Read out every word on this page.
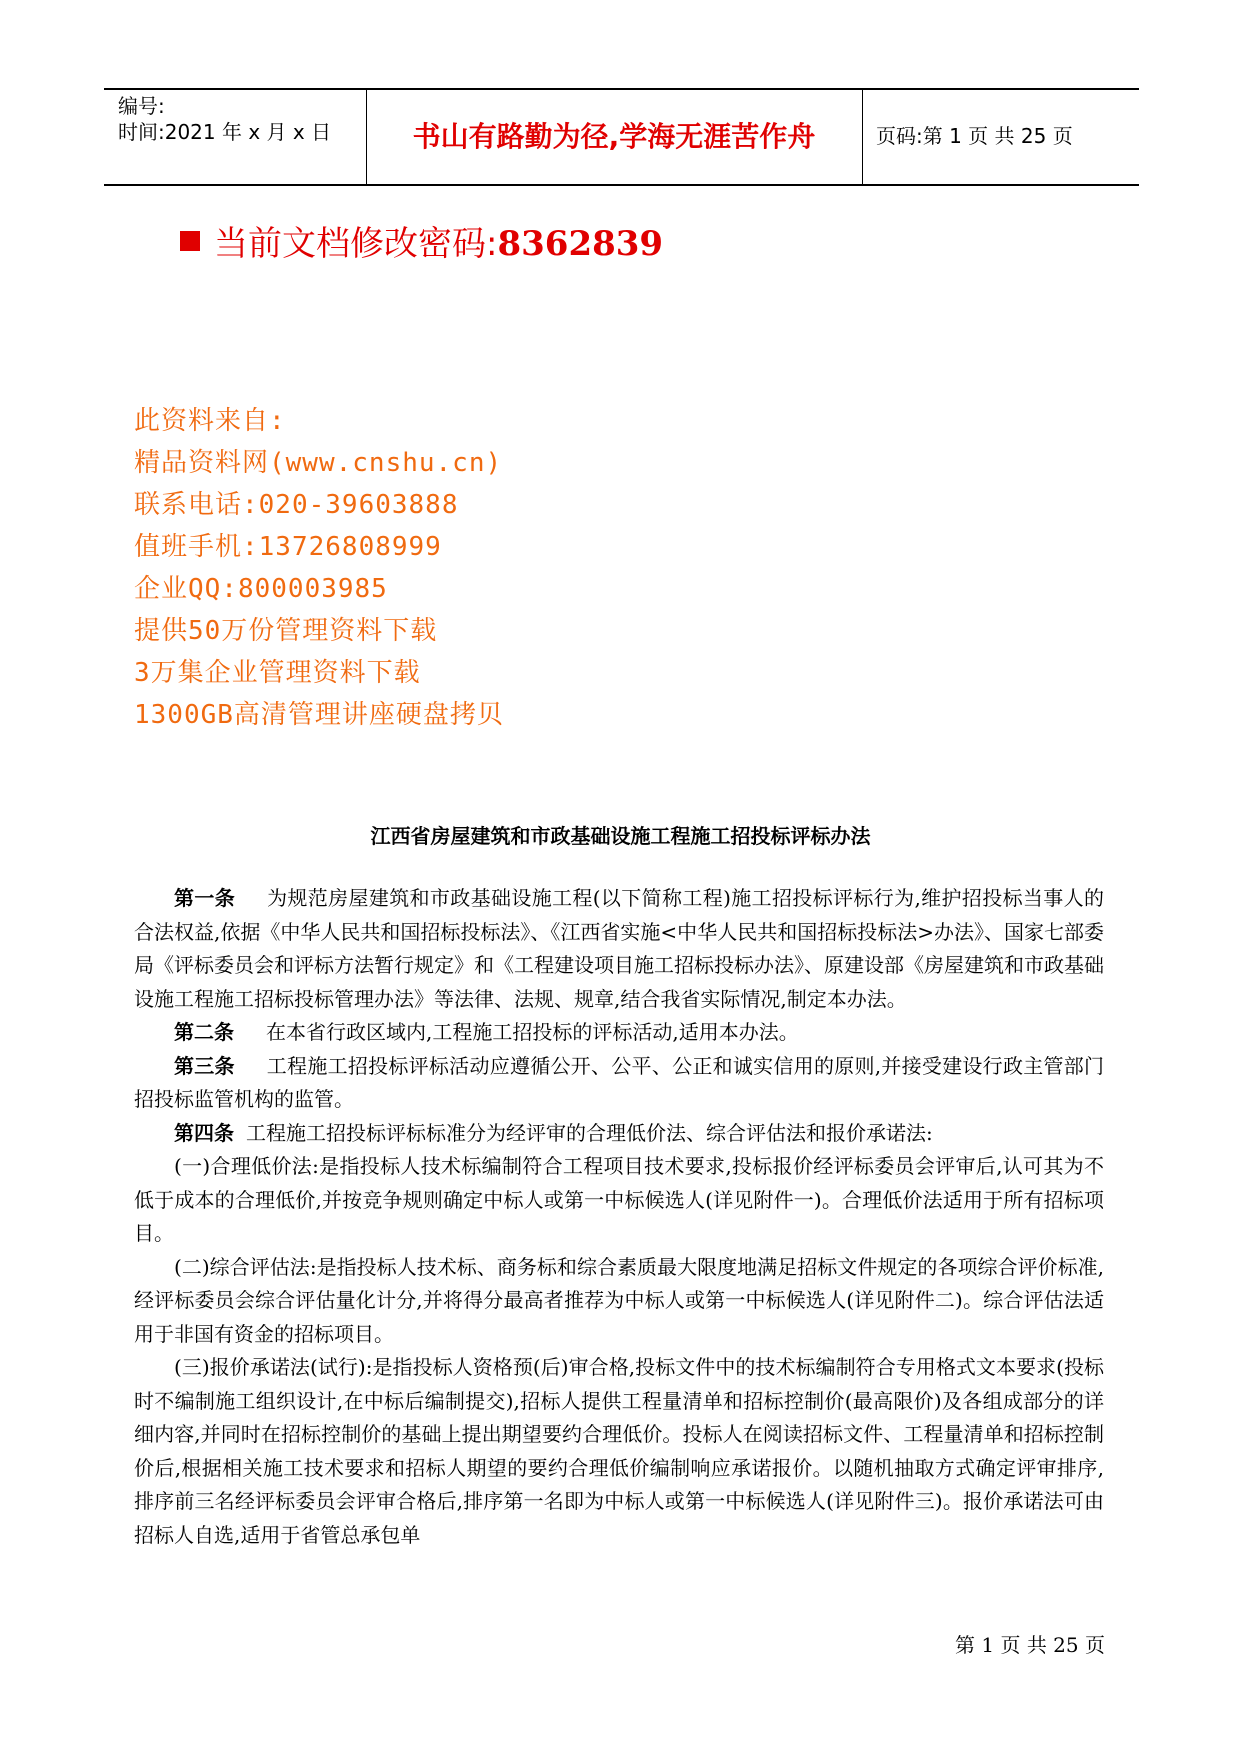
编号:
时间:2021 年 x 月 x 日	书山有路勤为径,学海无涯苦作舟	页码:第 1 页 共 25 页
当前文档修改密码:8362839
此资料来自:
精品资料网(www.cnshu.cn)
联系电话:020-39603888
值班手机:13726808999
企业QQ:800003985
提供50万份管理资料下载
3万集企业管理资料下载
1300GB高清管理讲座硬盘拷贝
江西省房屋建筑和市政基础设施工程施工招投标评标办法

第一条 为规范房屋建筑和市政基础设施工程(以下简称工程)施工招投标评标行为,维护招投标当事人的合法权益,依据《中华人民共和国招标投标法》、《江西省实施<中华人民共和国招标投标法>办法》、国家七部委局《评标委员会和评标方法暂行规定》和《工程建设项目施工招标投标办法》、原建设部《房屋建筑和市政基础设施工程施工招标投标管理办法》等法律、法规、规章,结合我省实际情况,制定本办法。

第二条 在本省行政区域内,工程施工招投标的评标活动,适用本办法。

第三条 工程施工招投标评标活动应遵循公开、公平、公正和诚实信用的原则,并接受建设行政主管部门招投标监管机构的监管。

第四条 工程施工招投标评标标准分为经评审的合理低价法、综合评估法和报价承诺法:

(一)合理低价法:是指投标人技术标编制符合工程项目技术要求,投标报价经评标委员会评审后,认可其为不低于成本的合理低价,并按竞争规则确定中标人或第一中标候选人(详见附件一)。合理低价法适用于所有招标项目。

(二)综合评估法:是指投标人技术标、商务标和综合素质最大限度地满足招标文件规定的各项综合评价标准,经评标委员会综合评估量化计分,并将得分最高者推荐为中标人或第一中标候选人(详见附件二)。综合评估法适用于非国有资金的招标项目。

(三)报价承诺法(试行):是指投标人资格预(后)审合格,投标文件中的技术标编制符合专用格式文本要求(投标时不编制施工组织设计,在中标后编制提交),招标人提供工程量清单和招标控制价(最高限价)及各组成部分的详细内容,并同时在招标控制价的基础上提出期望要约合理低价。投标人在阅读招标文件、工程量清单和招标控制价后,根据相关施工技术要求和招标人期望的要约合理低价编制响应承诺报价。以随机抽取方式确定评审排序,排序前三名经评标委员会评审合格后,排序第一名即为中标人或第一中标候选人(详见附件三)。报价承诺法可由招标人自选,适用于省管总承包单

第 1 页 共 25 页
